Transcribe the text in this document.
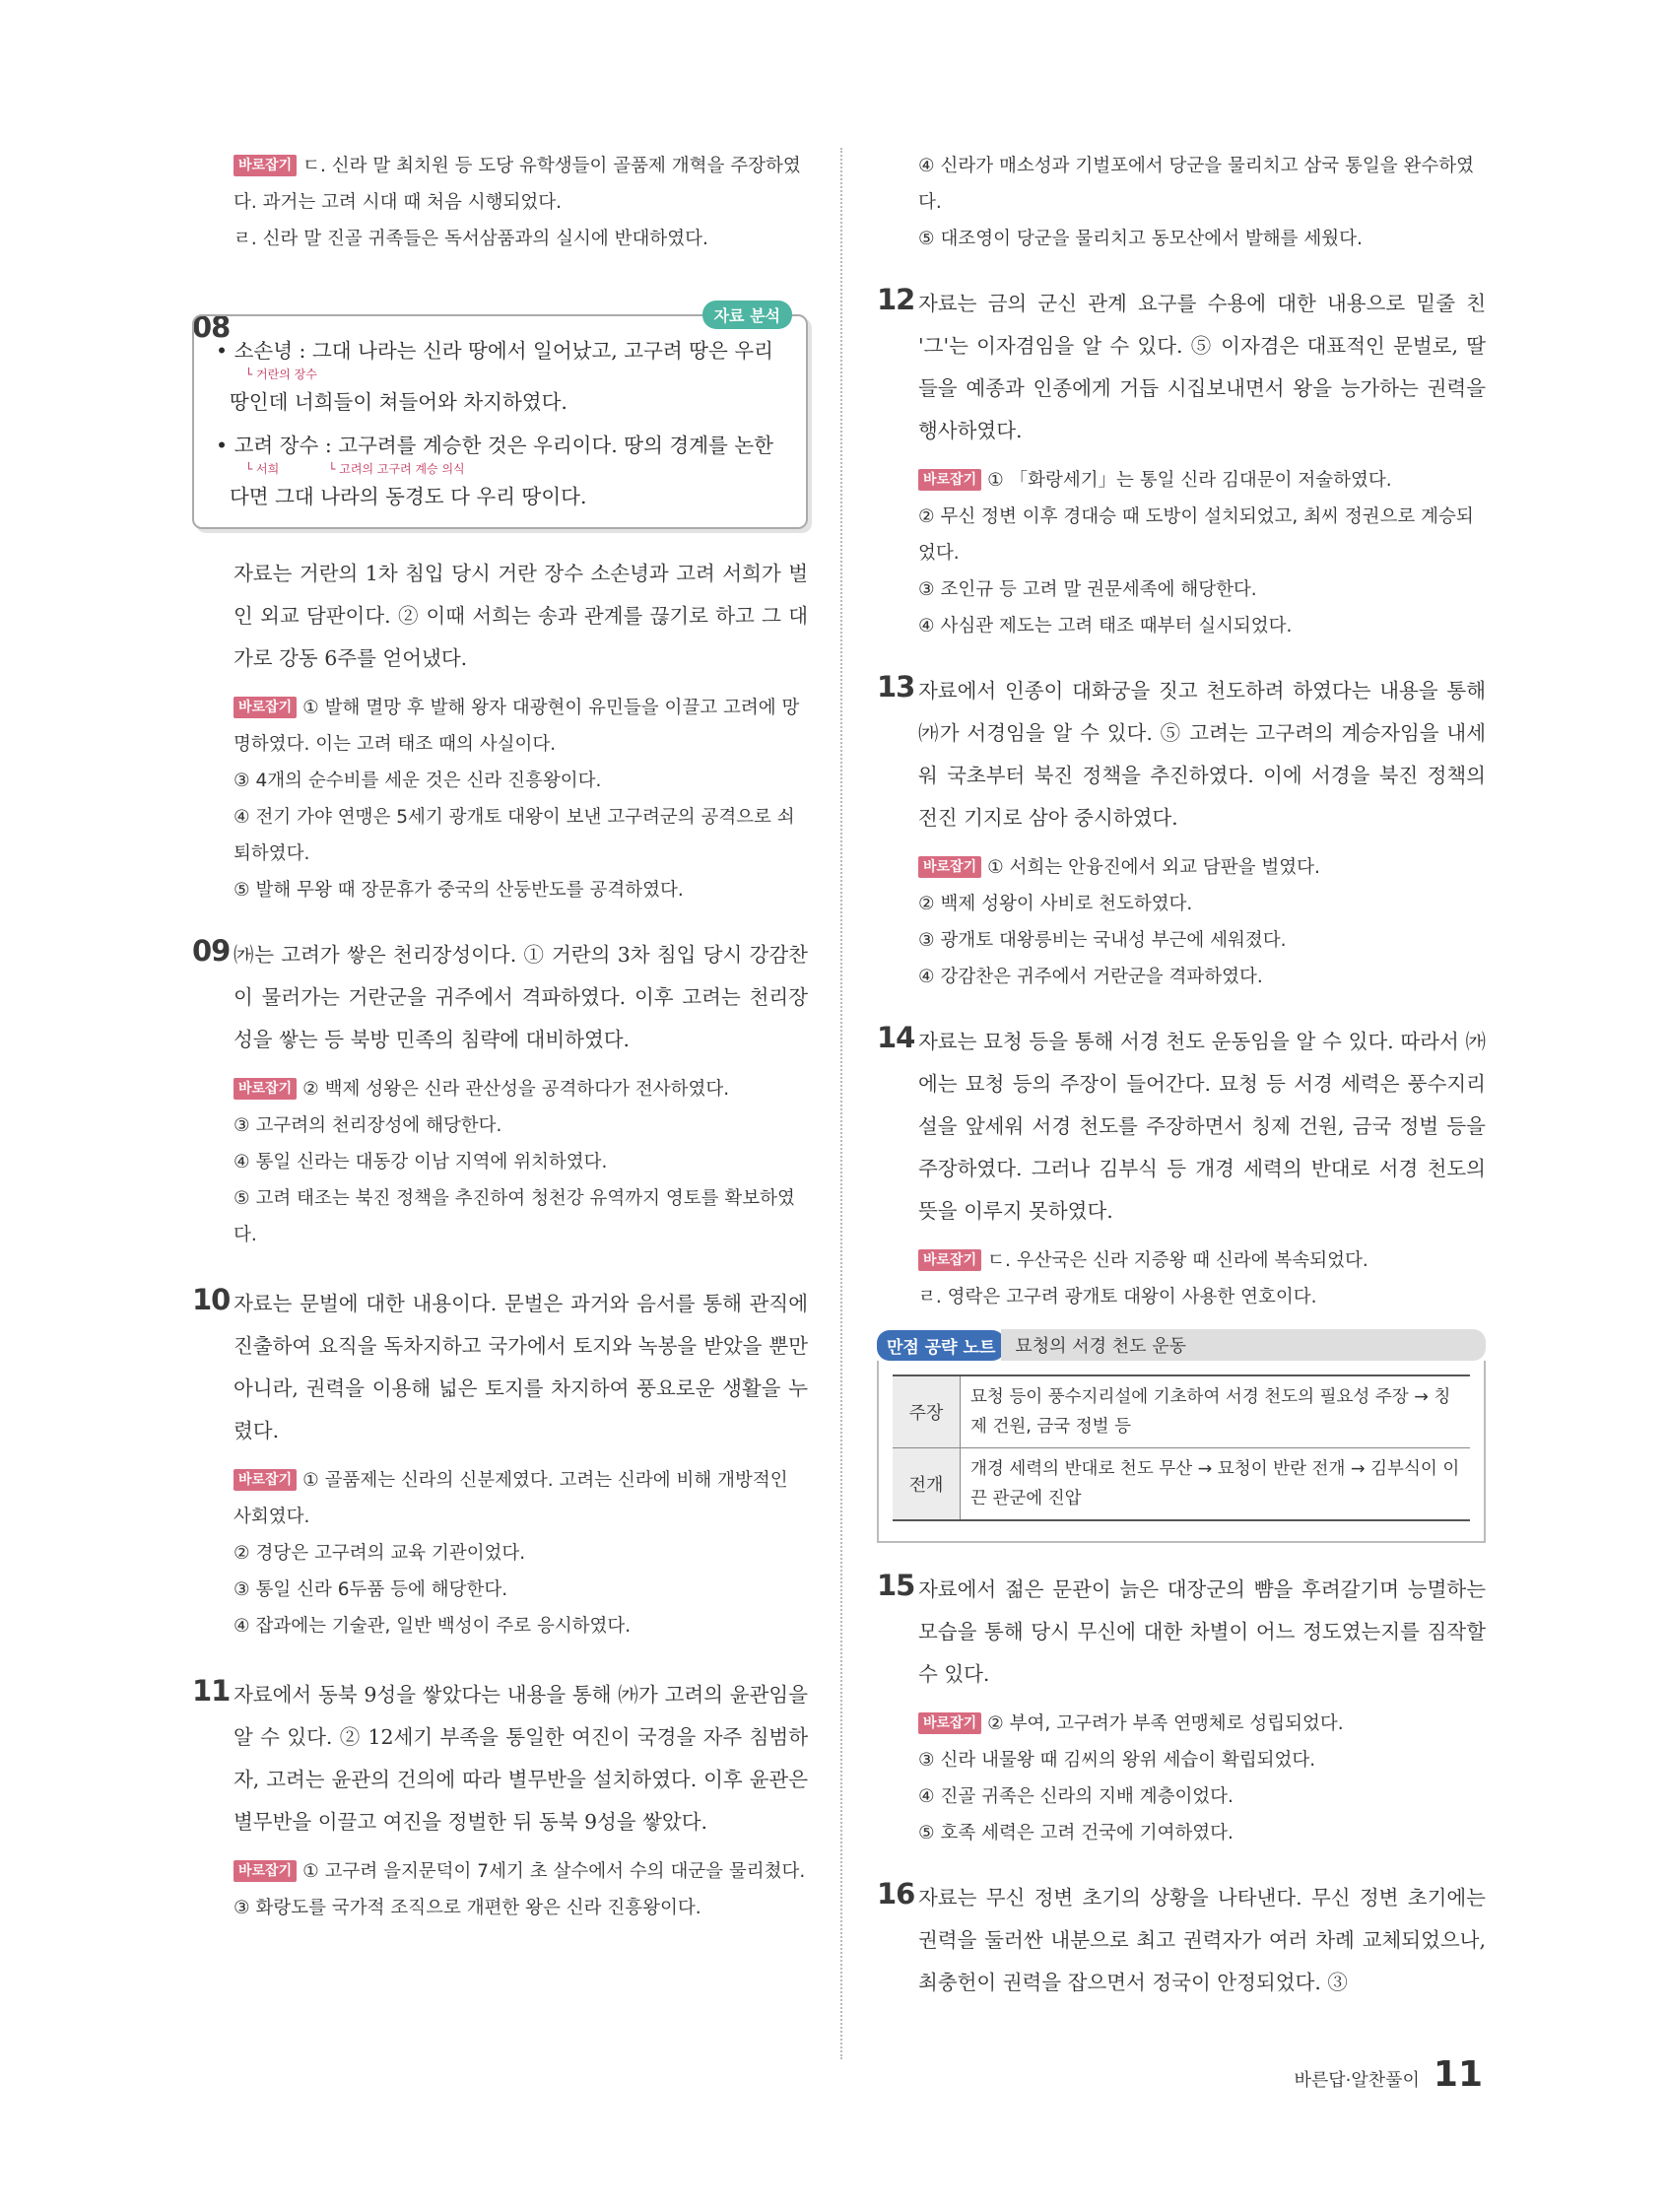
바로잡기 ㄷ. 신라 말 최치원 등 도당 유학생들이 골품제 개혁을 주장하였다. 과거는 고려 시대 때 처음 시행되었다.

ㄹ. 신라 말 진골 귀족들은 독서삼품과의 실시에 반대하였다.

08	자료 분석
• 소손녕 : 그대 나라는 신라 땅에서 일어났고, 고구려 땅은 우리
└ 거란의 장수
땅인데 너희들이 쳐들어와 차지하였다.
• 고려 장수 : 고구려를 계승한 것은 우리이다. 땅의 경계를 논한
└ 서희	└ 고려의 고구려 계승 의식
다면 그대 나라의 동경도 다 우리 땅이다.

자료는 거란의 1차 침입 당시 거란 장수 소손녕과 고려 서희가 벌인 외교 담판이다. ② 이때 서희는 송과 관계를 끊기로 하고 그 대가로 강동 6주를 얻어냈다.

바로잡기 ① 발해 멸망 후 발해 왕자 대광현이 유민들을 이끌고 고려에 망명하였다. 이는 고려 태조 때의 사실이다.

③ 4개의 순수비를 세운 것은 신라 진흥왕이다.

④ 전기 가야 연맹은 5세기 광개토 대왕이 보낸 고구려군의 공격으로 쇠퇴하였다.

⑤ 발해 무왕 때 장문휴가 중국의 산둥반도를 공격하였다.

09 ㈎는 고려가 쌓은 천리장성이다. ① 거란의 3차 침입 당시 강감찬이 물러가는 거란군을 귀주에서 격파하였다. 이후 고려는 천리장성을 쌓는 등 북방 민족의 침략에 대비하였다.

바로잡기 ② 백제 성왕은 신라 관산성을 공격하다가 전사하였다.

③ 고구려의 천리장성에 해당한다.

④ 통일 신라는 대동강 이남 지역에 위치하였다.

⑤ 고려 태조는 북진 정책을 추진하여 청천강 유역까지 영토를 확보하였다.

10 자료는 문벌에 대한 내용이다. 문벌은 과거와 음서를 통해 관직에 진출하여 요직을 독차지하고 국가에서 토지와 녹봉을 받았을 뿐만 아니라, 권력을 이용해 넓은 토지를 차지하여 풍요로운 생활을 누렸다.

바로잡기 ① 골품제는 신라의 신분제였다. 고려는 신라에 비해 개방적인 사회였다.

② 경당은 고구려의 교육 기관이었다.

③ 통일 신라 6두품 등에 해당한다.

④ 잡과에는 기술관, 일반 백성이 주로 응시하였다.

11 자료에서 동북 9성을 쌓았다는 내용을 통해 ㈎가 고려의 윤관임을 알 수 있다. ② 12세기 부족을 통일한 여진이 국경을 자주 침범하자, 고려는 윤관의 건의에 따라 별무반을 설치하였다. 이후 윤관은 별무반을 이끌고 여진을 정벌한 뒤 동북 9성을 쌓았다.

바로잡기 ① 고구려 을지문덕이 7세기 초 살수에서 수의 대군을 물리쳤다.

③ 화랑도를 국가적 조직으로 개편한 왕은 신라 진흥왕이다.

④ 신라가 매소성과 기벌포에서 당군을 물리치고 삼국 통일을 완수하였다.

⑤ 대조영이 당군을 물리치고 동모산에서 발해를 세웠다.

12 자료는 금의 군신 관계 요구를 수용에 대한 내용으로 밑줄 친 '그'는 이자겸임을 알 수 있다. ⑤ 이자겸은 대표적인 문벌로, 딸들을 예종과 인종에게 거듭 시집보내면서 왕을 능가하는 권력을 행사하였다.

바로잡기 ① 「화랑세기」는 통일 신라 김대문이 저술하였다.

② 무신 정변 이후 경대승 때 도방이 설치되었고, 최씨 정권으로 계승되었다.

③ 조인규 등 고려 말 권문세족에 해당한다.

④ 사심관 제도는 고려 태조 때부터 실시되었다.

13 자료에서 인종이 대화궁을 짓고 천도하려 하였다는 내용을 통해 ㈎가 서경임을 알 수 있다. ⑤ 고려는 고구려의 계승자임을 내세워 국초부터 북진 정책을 추진하였다. 이에 서경을 북진 정책의 전진 기지로 삼아 중시하였다.

바로잡기 ① 서희는 안융진에서 외교 담판을 벌였다.

② 백제 성왕이 사비로 천도하였다.

③ 광개토 대왕릉비는 국내성 부근에 세워졌다.

④ 강감찬은 귀주에서 거란군을 격파하였다.

14 자료는 묘청 등을 통해 서경 천도 운동임을 알 수 있다. 따라서 ㈎에는 묘청 등의 주장이 들어간다. 묘청 등 서경 세력은 풍수지리설을 앞세워 서경 천도를 주장하면서 칭제 건원, 금국 정벌 등을 주장하였다. 그러나 김부식 등 개경 세력의 반대로 서경 천도의 뜻을 이루지 못하였다.

바로잡기 ㄷ. 우산국은 신라 지증왕 때 신라에 복속되었다.

ㄹ. 영락은 고구려 광개토 대왕이 사용한 연호이다.

만점 공략 노트	묘청의 서경 천도 운동
주장	묘청 등이 풍수지리설에 기초하여 서경 천도의 필요성 주장 → 칭제 건원, 금국 정벌 등
전개	개경 세력의 반대로 천도 무산 → 묘청이 반란 전개 → 김부식이 이끈 관군에 진압
15 자료에서 젊은 문관이 늙은 대장군의 뺨을 후려갈기며 능멸하는 모습을 통해 당시 무신에 대한 차별이 어느 정도였는지를 짐작할 수 있다.

바로잡기 ② 부여, 고구려가 부족 연맹체로 성립되었다.

③ 신라 내물왕 때 김씨의 왕위 세습이 확립되었다.

④ 진골 귀족은 신라의 지배 계층이었다.

⑤ 호족 세력은 고려 건국에 기여하였다.

16 자료는 무신 정변 초기의 상황을 나타낸다. 무신 정변 초기에는 권력을 둘러싼 내분으로 최고 권력자가 여러 차례 교체되었으나, 최충헌이 권력을 잡으면서 정국이 안정되었다. ③

바른답·알찬풀이 11
